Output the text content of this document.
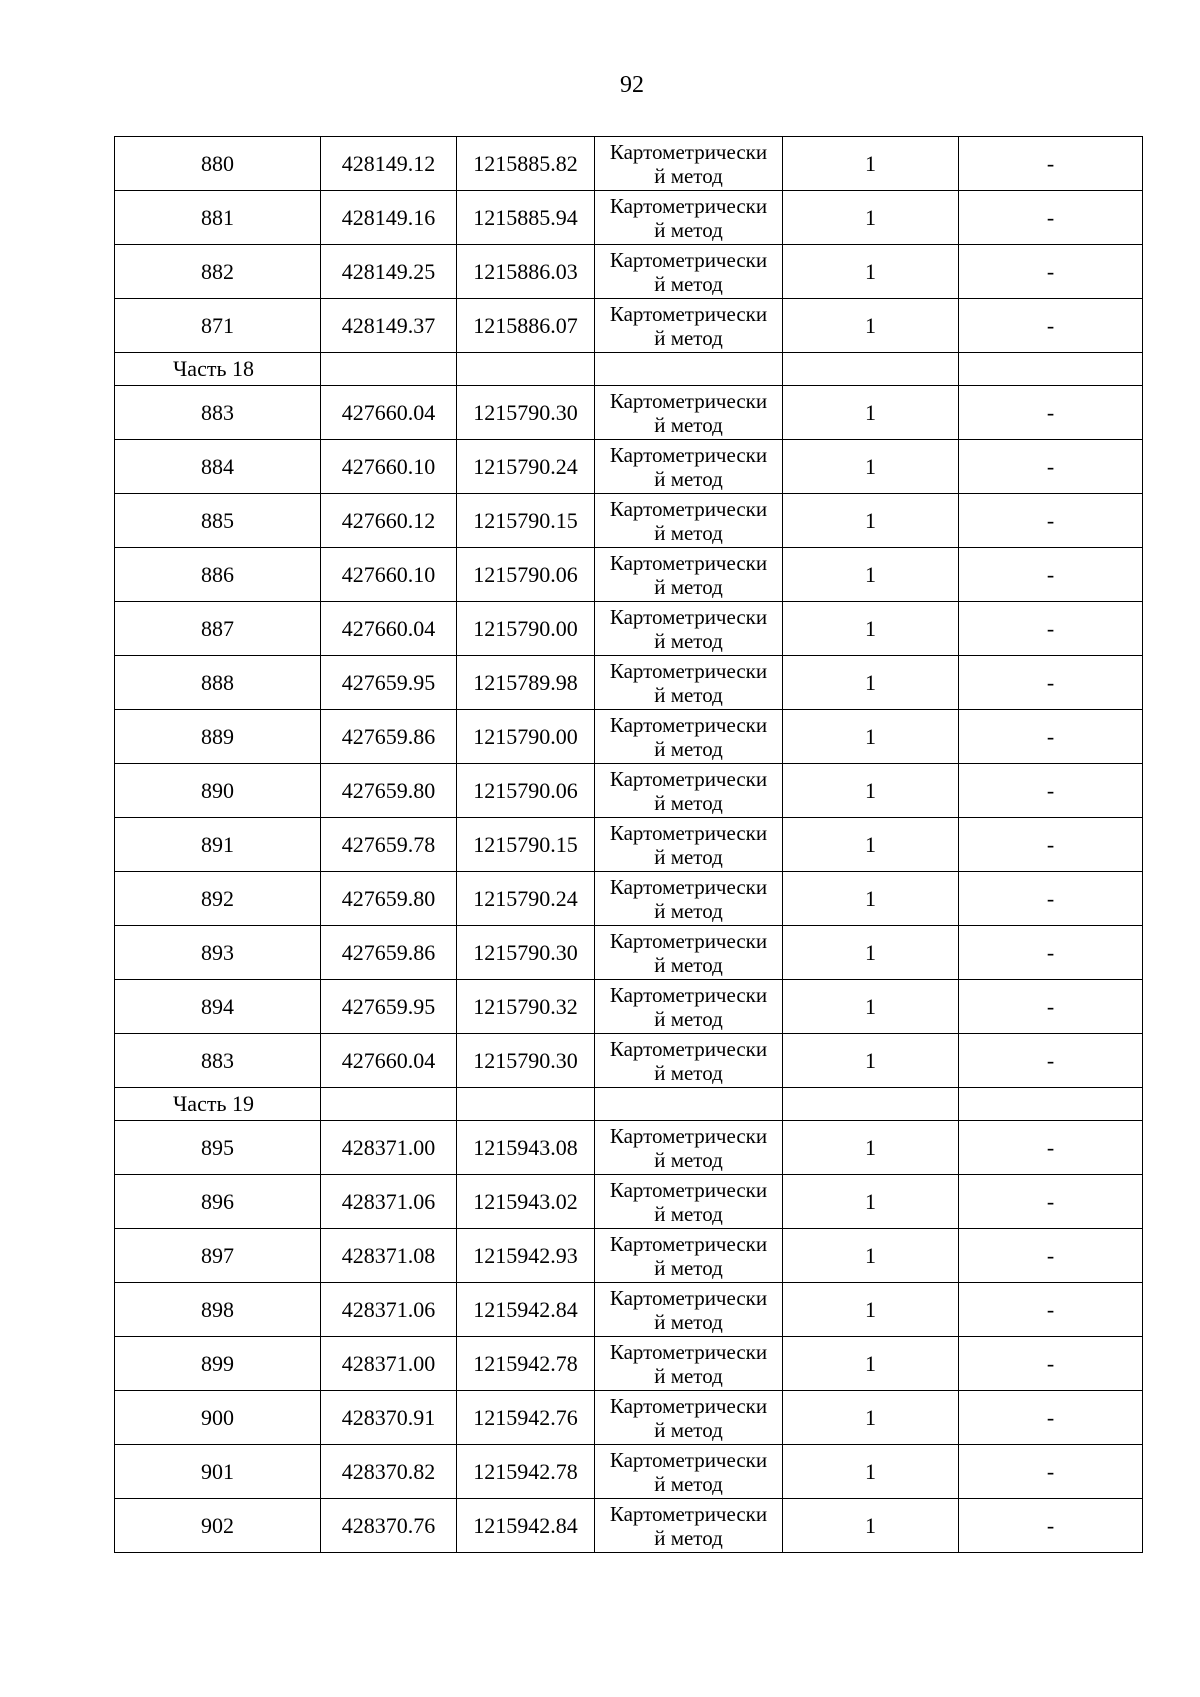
92
880	428149.12	1215885.82	Картометрически
й метод	1	-
881	428149.16	1215885.94	Картометрически
й метод	1	-
882	428149.25	1215886.03	Картометрически
й метод	1	-
871	428149.37	1215886.07	Картометрически
й метод	1	-
Часть 18					
883	427660.04	1215790.30	Картометрически
й метод	1	-
884	427660.10	1215790.24	Картометрически
й метод	1	-
885	427660.12	1215790.15	Картометрически
й метод	1	-
886	427660.10	1215790.06	Картометрически
й метод	1	-
887	427660.04	1215790.00	Картометрически
й метод	1	-
888	427659.95	1215789.98	Картометрически
й метод	1	-
889	427659.86	1215790.00	Картометрически
й метод	1	-
890	427659.80	1215790.06	Картометрически
й метод	1	-
891	427659.78	1215790.15	Картометрически
й метод	1	-
892	427659.80	1215790.24	Картометрически
й метод	1	-
893	427659.86	1215790.30	Картометрически
й метод	1	-
894	427659.95	1215790.32	Картометрически
й метод	1	-
883	427660.04	1215790.30	Картометрически
й метод	1	-
Часть 19					
895	428371.00	1215943.08	Картометрически
й метод	1	-
896	428371.06	1215943.02	Картометрически
й метод	1	-
897	428371.08	1215942.93	Картометрически
й метод	1	-
898	428371.06	1215942.84	Картометрически
й метод	1	-
899	428371.00	1215942.78	Картометрически
й метод	1	-
900	428370.91	1215942.76	Картометрически
й метод	1	-
901	428370.82	1215942.78	Картометрически
й метод	1	-
902	428370.76	1215942.84	Картометрически
й метод	1	-
